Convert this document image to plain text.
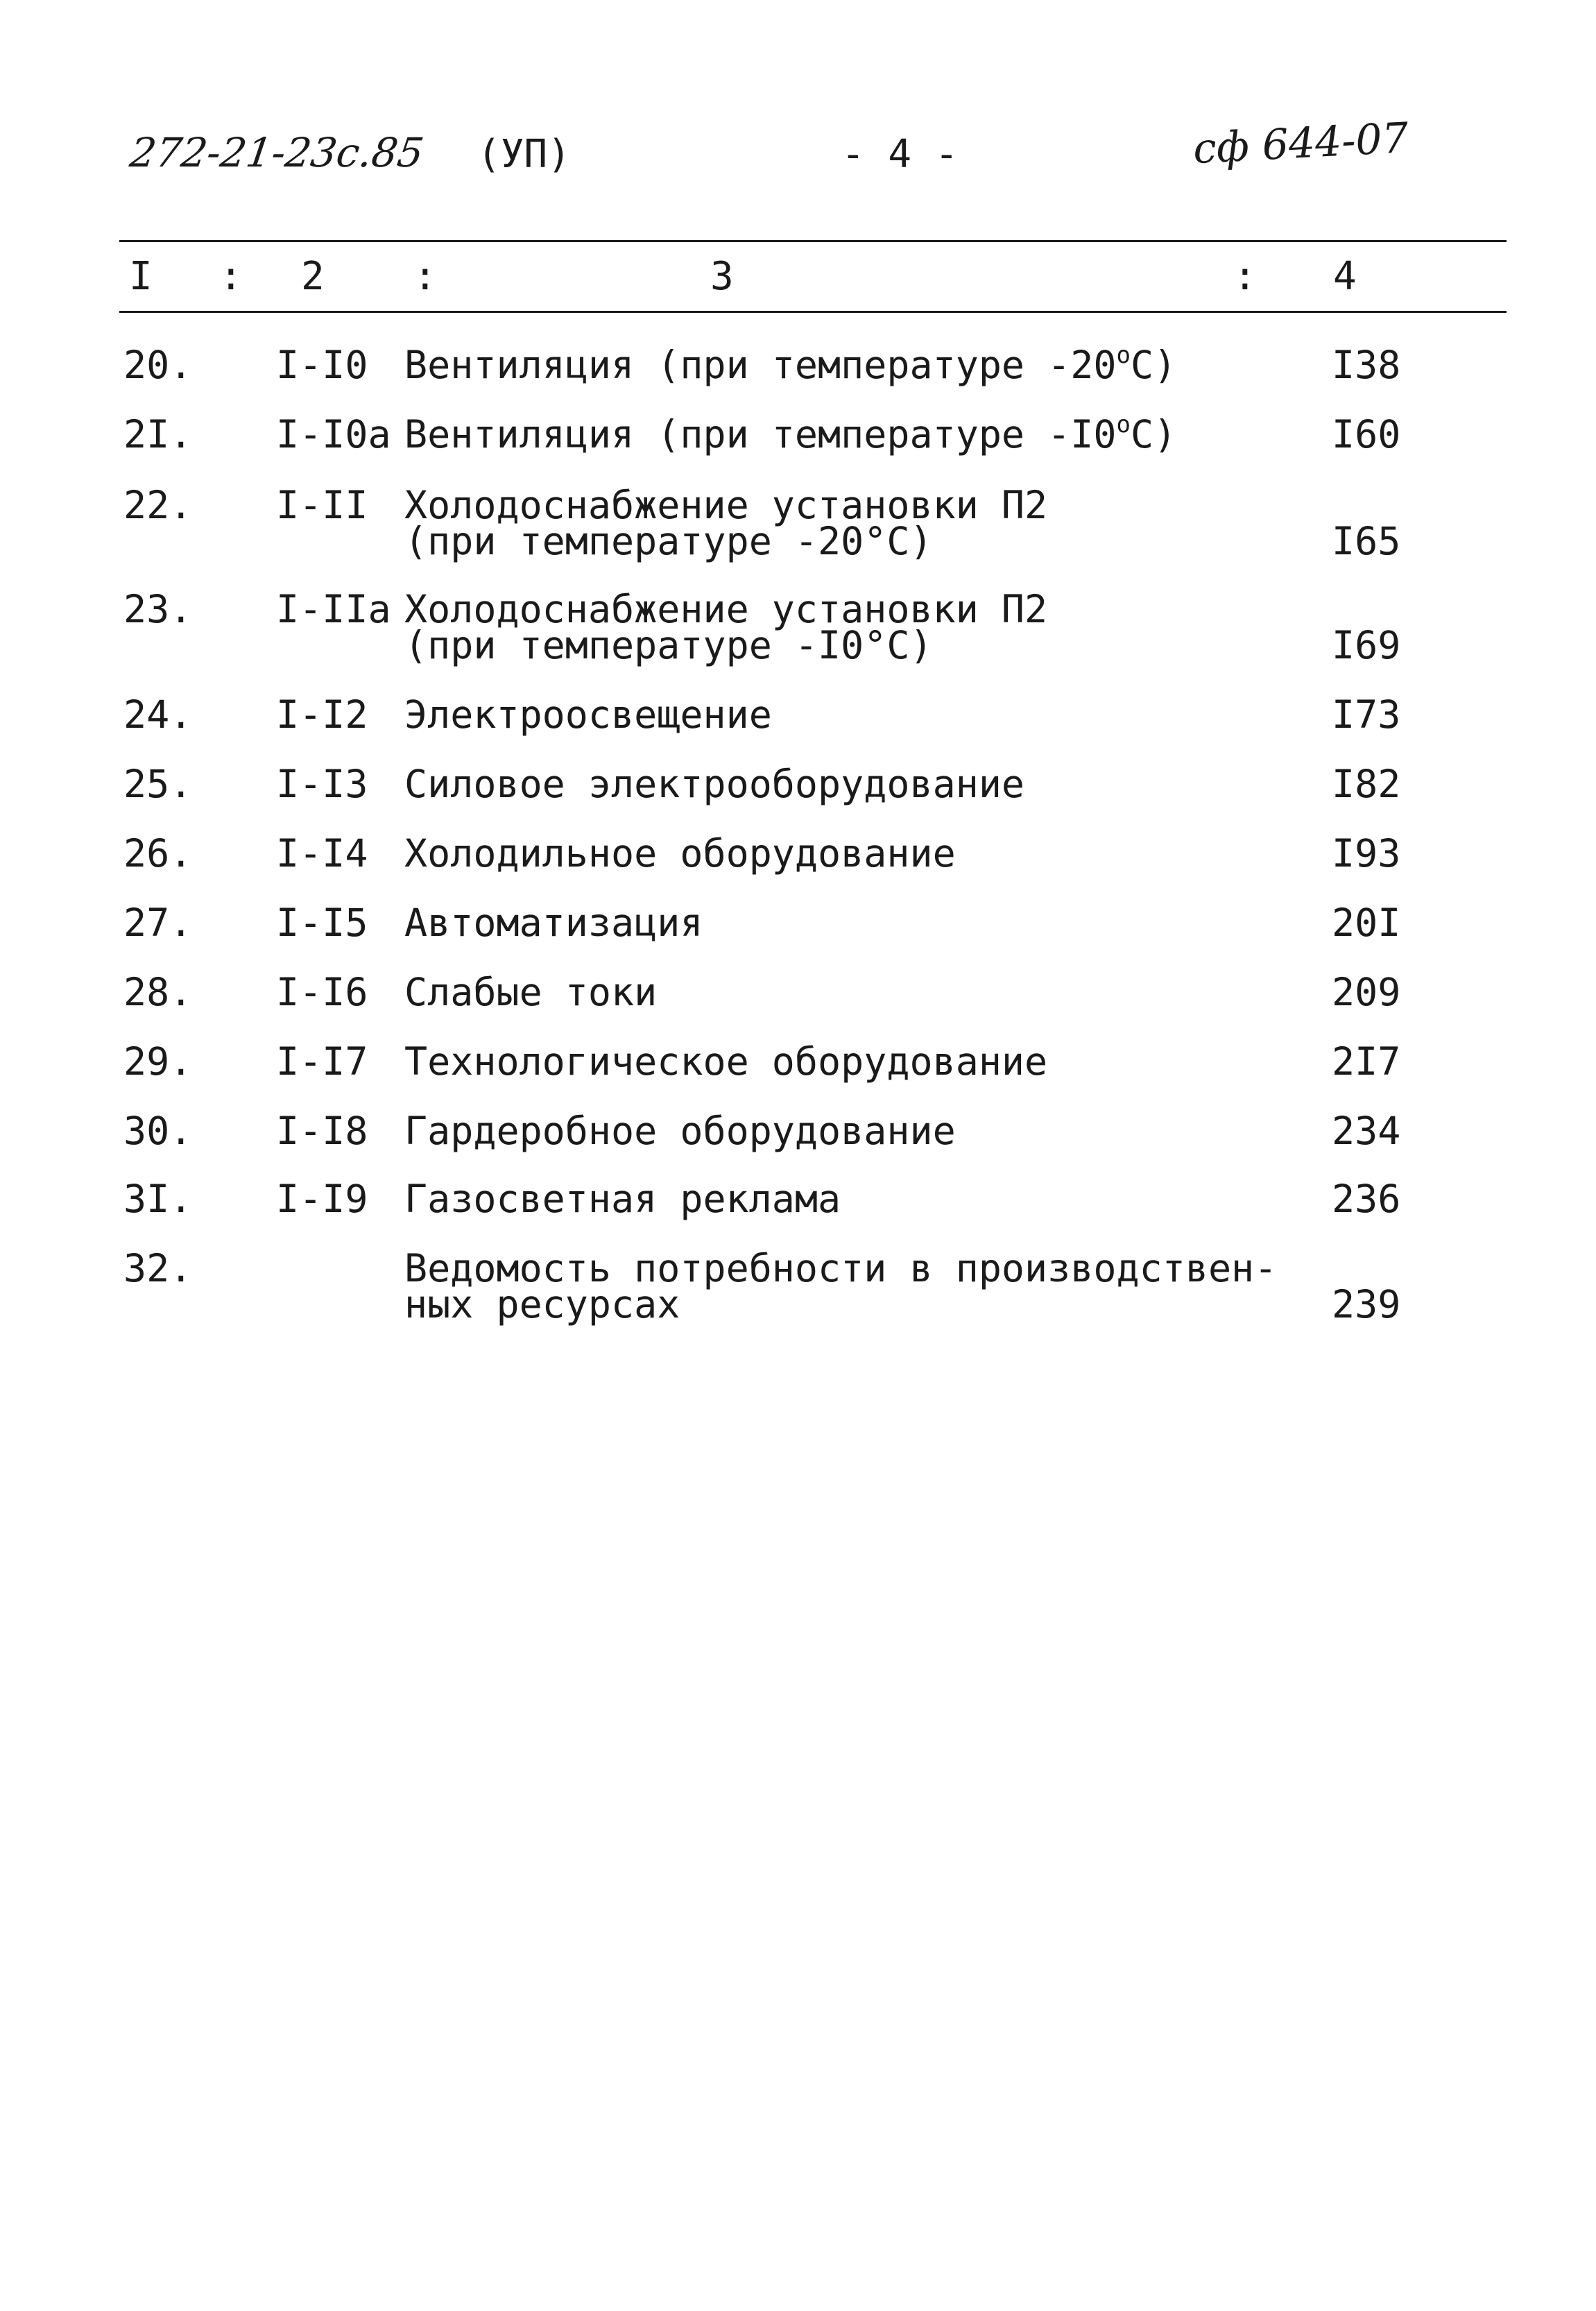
272-21-23с.85 (УП)	- 4 -	сф 644-07
I : 2 :	3	: 4
20. I-I0 Вентиляция (при температуре $-20^оС$)	I38
2I. I-I0а Вентиляция (при температуре $-I0^оС$)	I60
22. I-II Холодоснабжение установки П2
(при температуре -20°С)	I65
23. I-IIа Холодоснабжение установки П2
(при температуре -I0°С)	I69
24. I-I2 Электроосвещение	I73
25. I-I3 Силовое электрооборудование	I82
26. I-I4 Холодильное оборудование	I93
27. I-I5 Автоматизация	20I
28. I-I6 Слабые токи	209
29. I-I7 Технологическое оборудование	2I7
30. I-I8 Гардеробное оборудование	234
3I. I-I9 Газосветная реклама	236
32.	Ведомость потребности в производствен-
ных ресурсах	239
